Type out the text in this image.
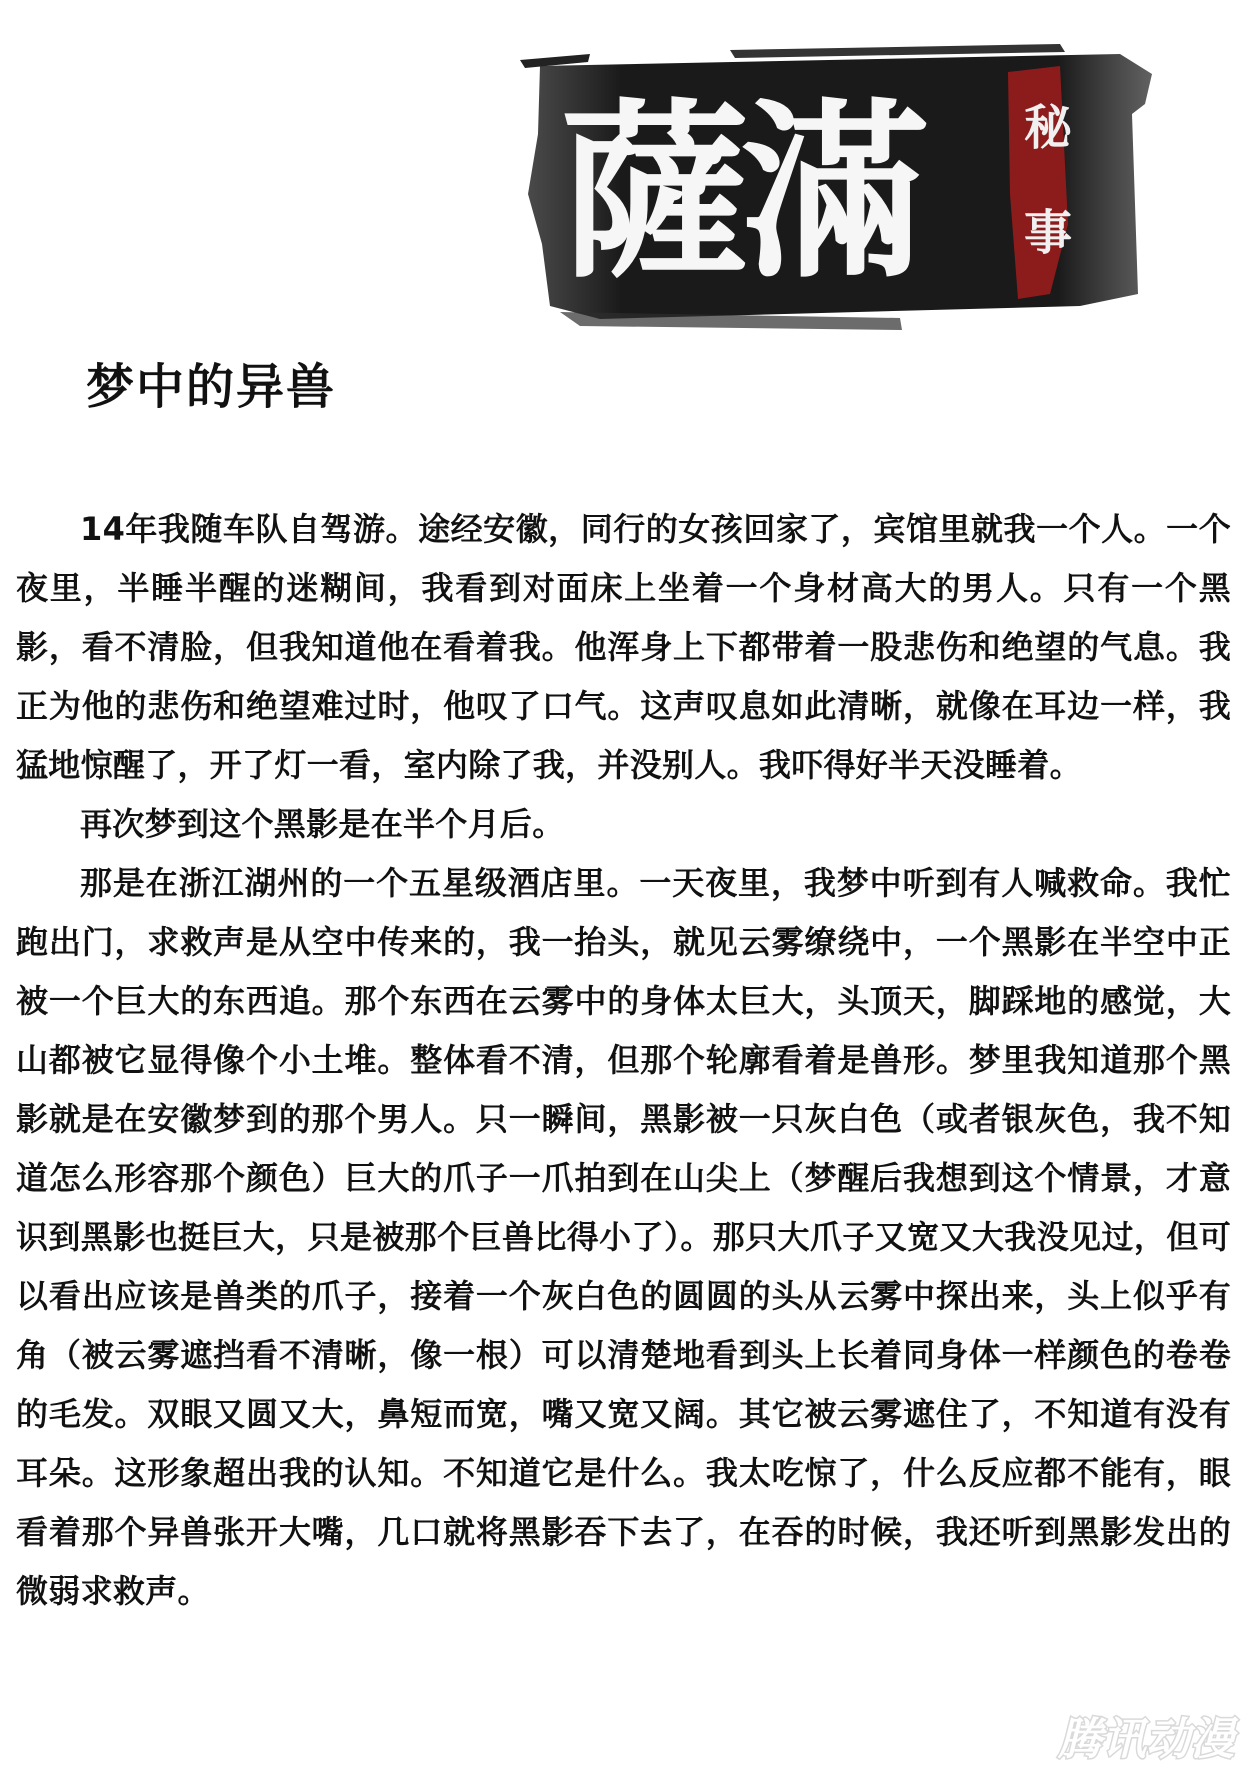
薩滿 秘
事
梦中的异兽

14年我随车队自驾游。途经安徽，同行的女孩回家了，宾馆里就我一个人。一个夜里，半睡半醒的迷糊间，我看到对面床上坐着一个身材高大的男人。只有一个黑影，看不清脸，但我知道他在看着我。他浑身上下都带着一股悲伤和绝望的气息。我正为他的悲伤和绝望难过时，他叹了口气。这声叹息如此清晰，就像在耳边一样，我猛地惊醒了，开了灯一看，室内除了我，并没别人。我吓得好半天没睡着。

再次梦到这个黑影是在半个月后。

那是在浙江湖州的一个五星级酒店里。一天夜里，我梦中听到有人喊救命。我忙跑出门，求救声是从空中传来的，我一抬头，就见云雾缭绕中，一个黑影在半空中正被一个巨大的东西追。那个东西在云雾中的身体太巨大，头顶天，脚踩地的感觉，大山都被它显得像个小土堆。整体看不清，但那个轮廓看着是兽形。梦里我知道那个黑影就是在安徽梦到的那个男人。只一瞬间，黑影被一只灰白色（或者银灰色，我不知道怎么形容那个颜色）巨大的爪子一爪拍到在山尖上（梦醒后我想到这个情景，才意识到黑影也挺巨大，只是被那个巨兽比得小了）。那只大爪子又宽又大我没见过，但可以看出应该是兽类的爪子，接着一个灰白色的圆圆的头从云雾中探出来，头上似乎有角（被云雾遮挡看不清晰，像一根）可以清楚地看到头上长着同身体一样颜色的卷卷的毛发。双眼又圆又大，鼻短而宽，嘴又宽又阔。其它被云雾遮住了，不知道有没有耳朵。这形象超出我的认知。不知道它是什么。我太吃惊了，什么反应都不能有，眼看着那个异兽张开大嘴，几口就将黑影吞下去了，在吞的时候，我还听到黑影发出的微弱求救声。

腾讯动漫
